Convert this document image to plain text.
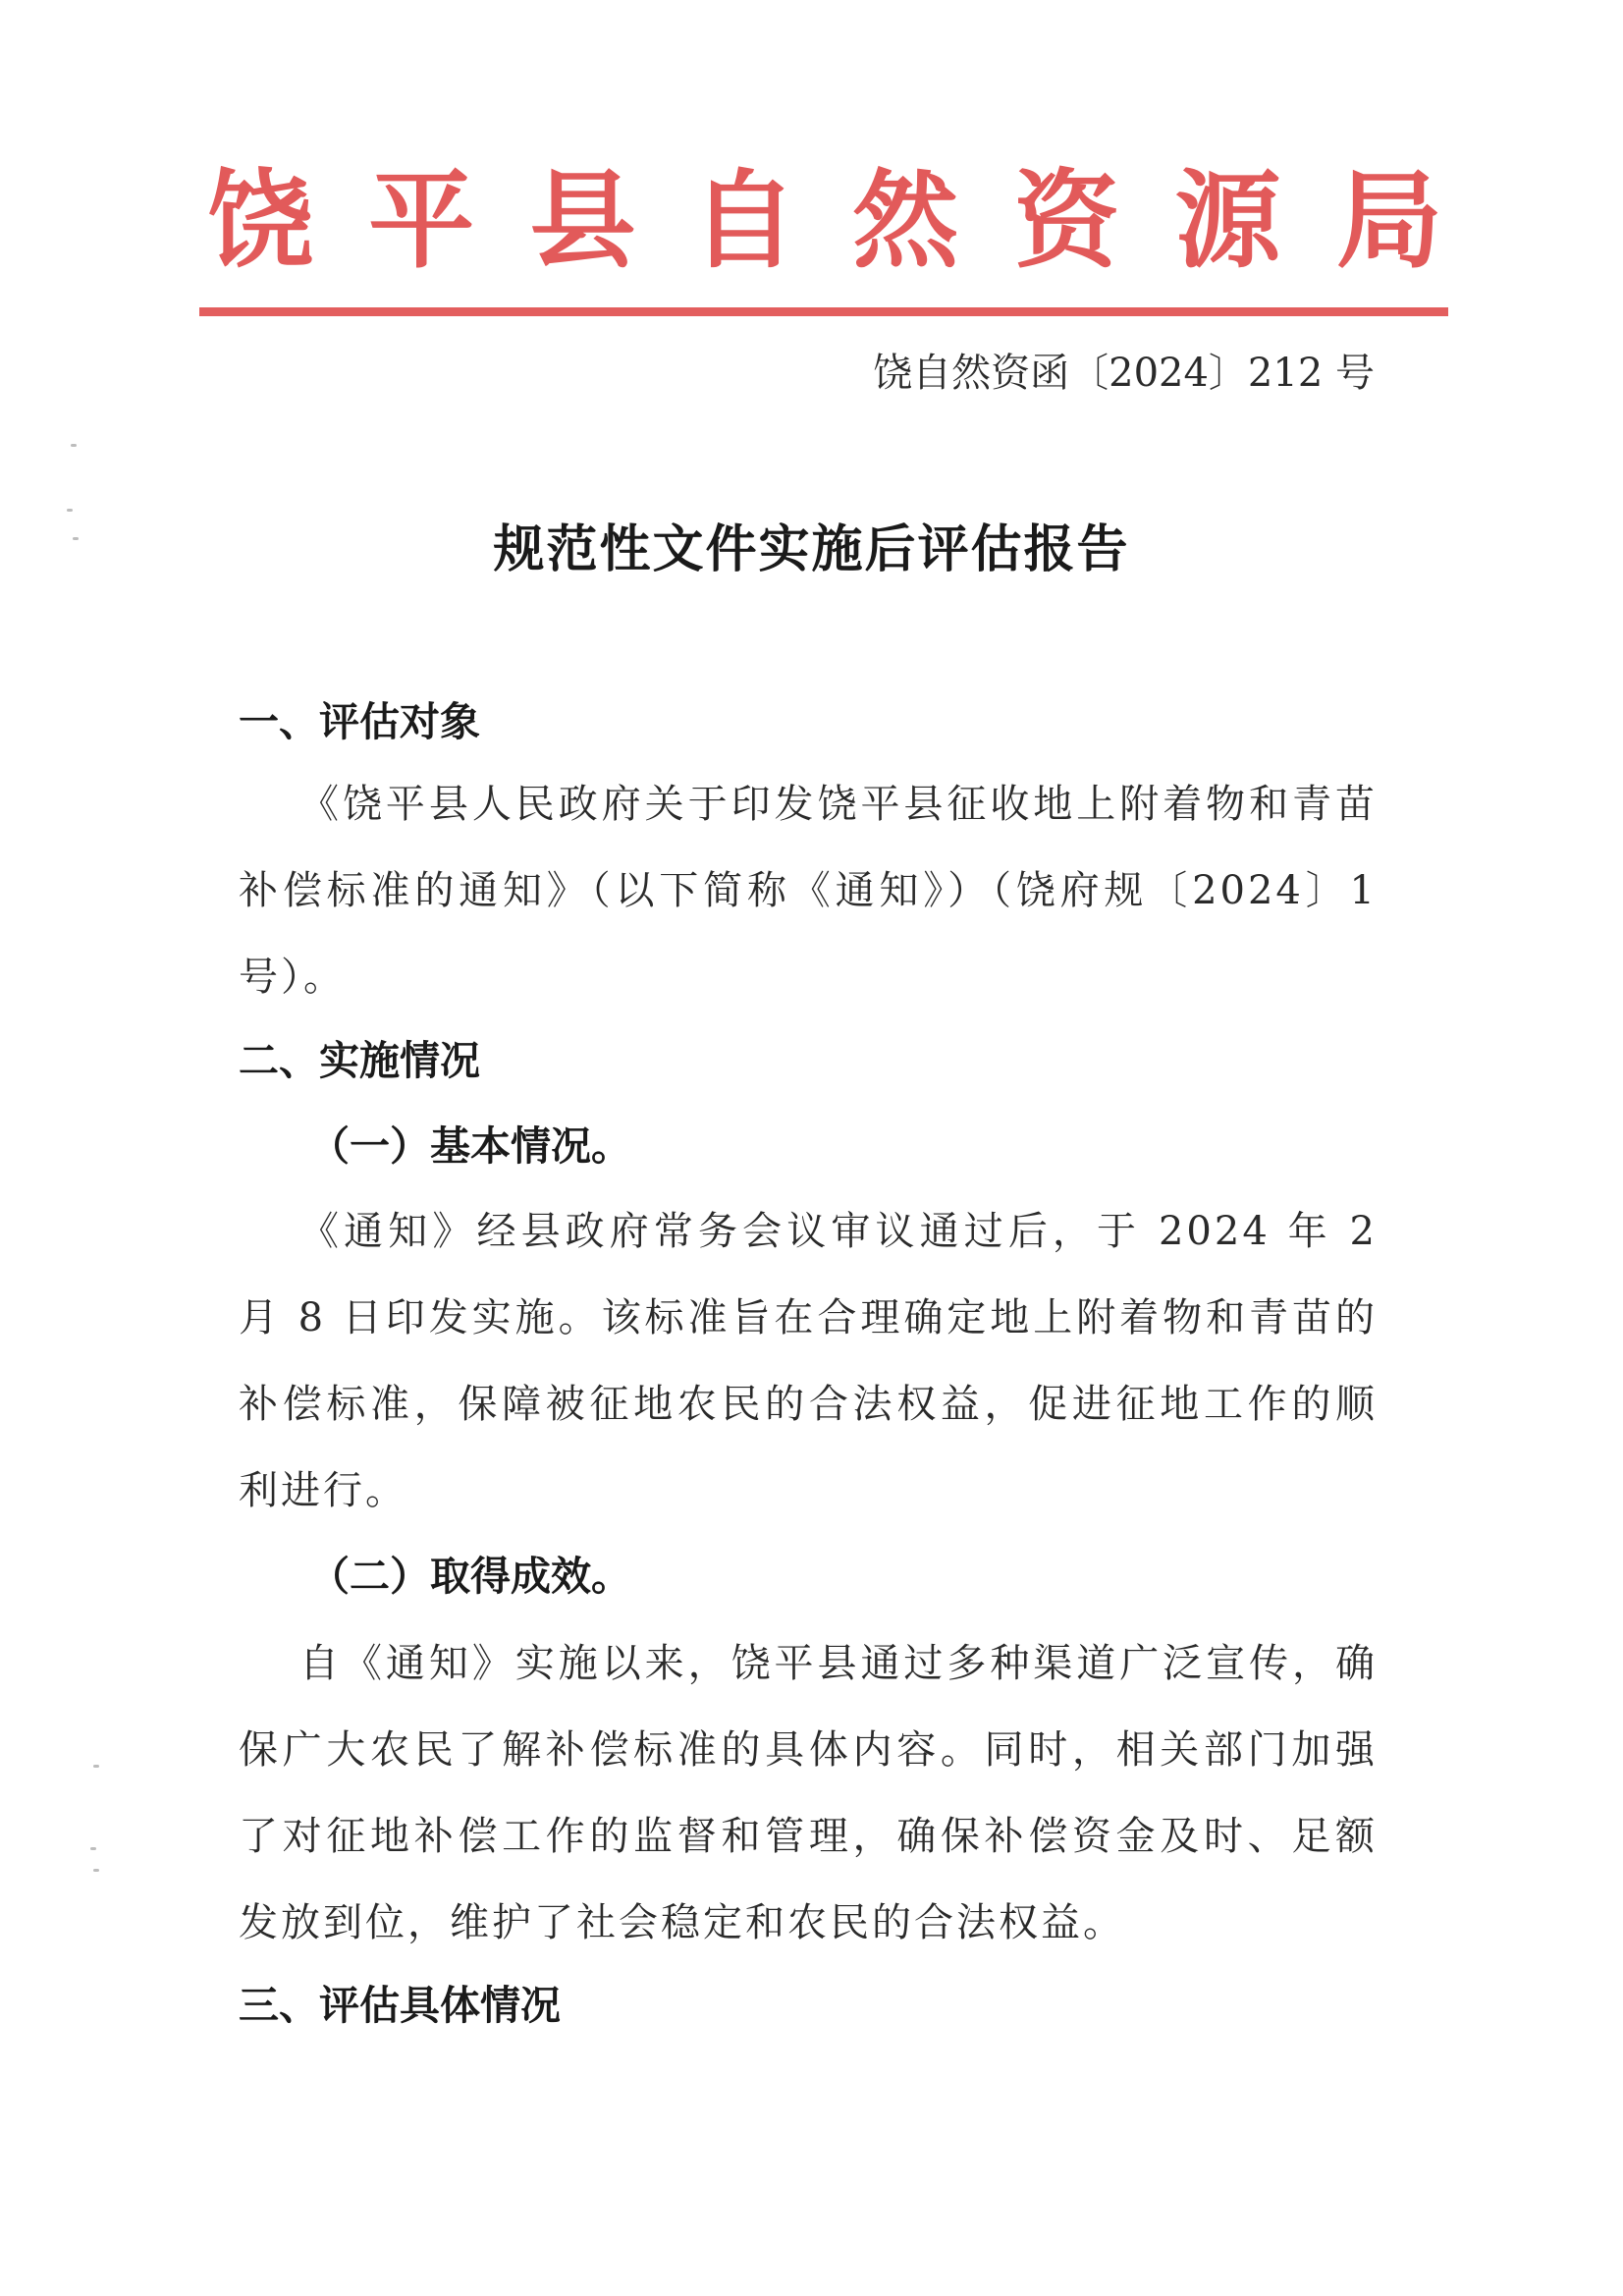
饶 平 县 自 然 资 源 局
饶自然资函〔2024〕212 号
规范性文件实施后评估报告
一、评估对象
《饶平县人民政府关于印发饶平县征收地上附着物和青苗补偿标准的通知》（以下简称《通知》）（饶府规〔2024〕1 号）。
二、实施情况
（一）基本情况。
《通知》经县政府常务会议审议通过后，于 2024 年 2 月 8 日印发实施。该标准旨在合理确定地上附着物和青苗的补偿标准，保障被征地农民的合法权益，促进征地工作的顺利进行。
（二）取得成效。
自《通知》实施以来，饶平县通过多种渠道广泛宣传，确保广大农民了解补偿标准的具体内容。同时，相关部门加强了对征地补偿工作的监督和管理，确保补偿资金及时、足额发放到位，维护了社会稳定和农民的合法权益。
三、评估具体情况
